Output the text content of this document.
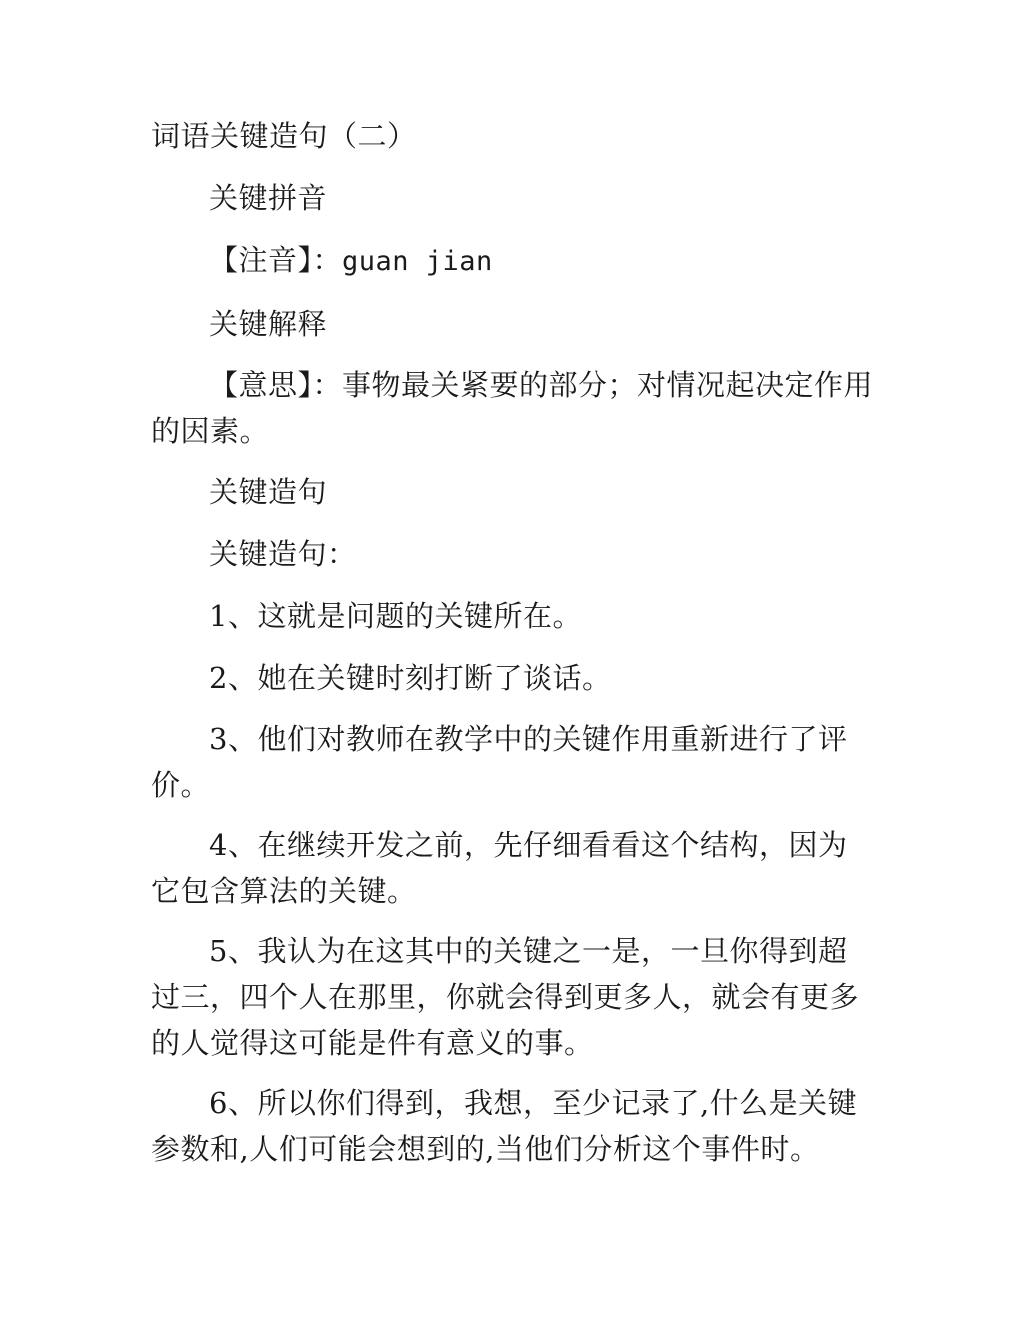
词语关键造句（二）

关键拼音

【注音】：guan jian

关键解释

【意思】：事物最关紧要的部分；对情况起决定作用的因素。

关键造句

关键造句：

1、这就是问题的关键所在。

2、她在关键时刻打断了谈话。

3、他们对教师在教学中的关键作用重新进行了评价。

4、在继续开发之前，先仔细看看这个结构，因为它包含算法的关键。

5、我认为在这其中的关键之一是，一旦你得到超过三，四个人在那里，你就会得到更多人，就会有更多的人觉得这可能是件有意义的事。

6、所以你们得到，我想，至少记录了,什么是关键参数和,人们可能会想到的,当他们分析这个事件时。
